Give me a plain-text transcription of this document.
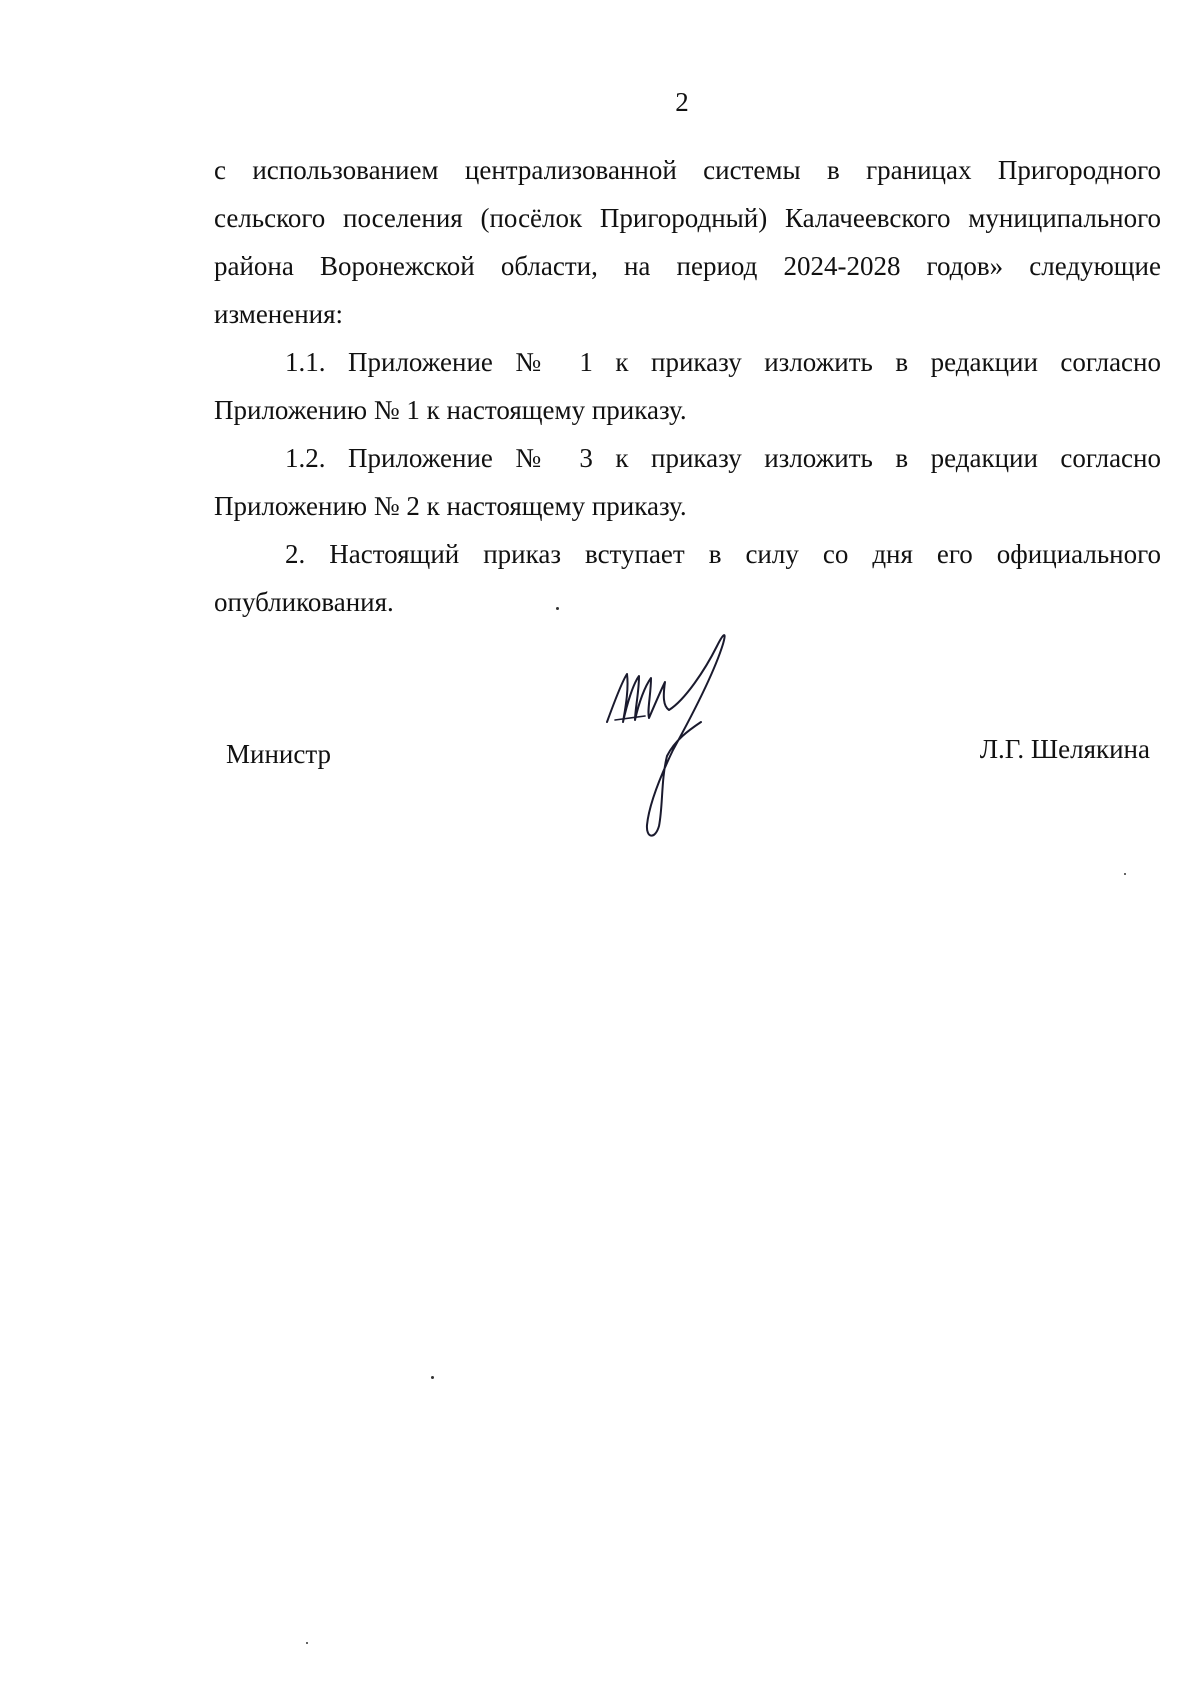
2

с использованием централизованной системы в границах Пригородного сельского поселения (посёлок Пригородный) Калачеевского муниципального района Воронежской области, на период 2024-2028 годов» следующие изменения:

1.1. Приложение № 1 к приказу изложить в редакции согласно Приложению № 1 к настоящему приказу.

1.2. Приложение № 3 к приказу изложить в редакции согласно Приложению № 2 к настоящему приказу.

2. Настоящий приказ вступает в силу со дня его официального опубликования.

Министр	Л.Г. Шелякина
